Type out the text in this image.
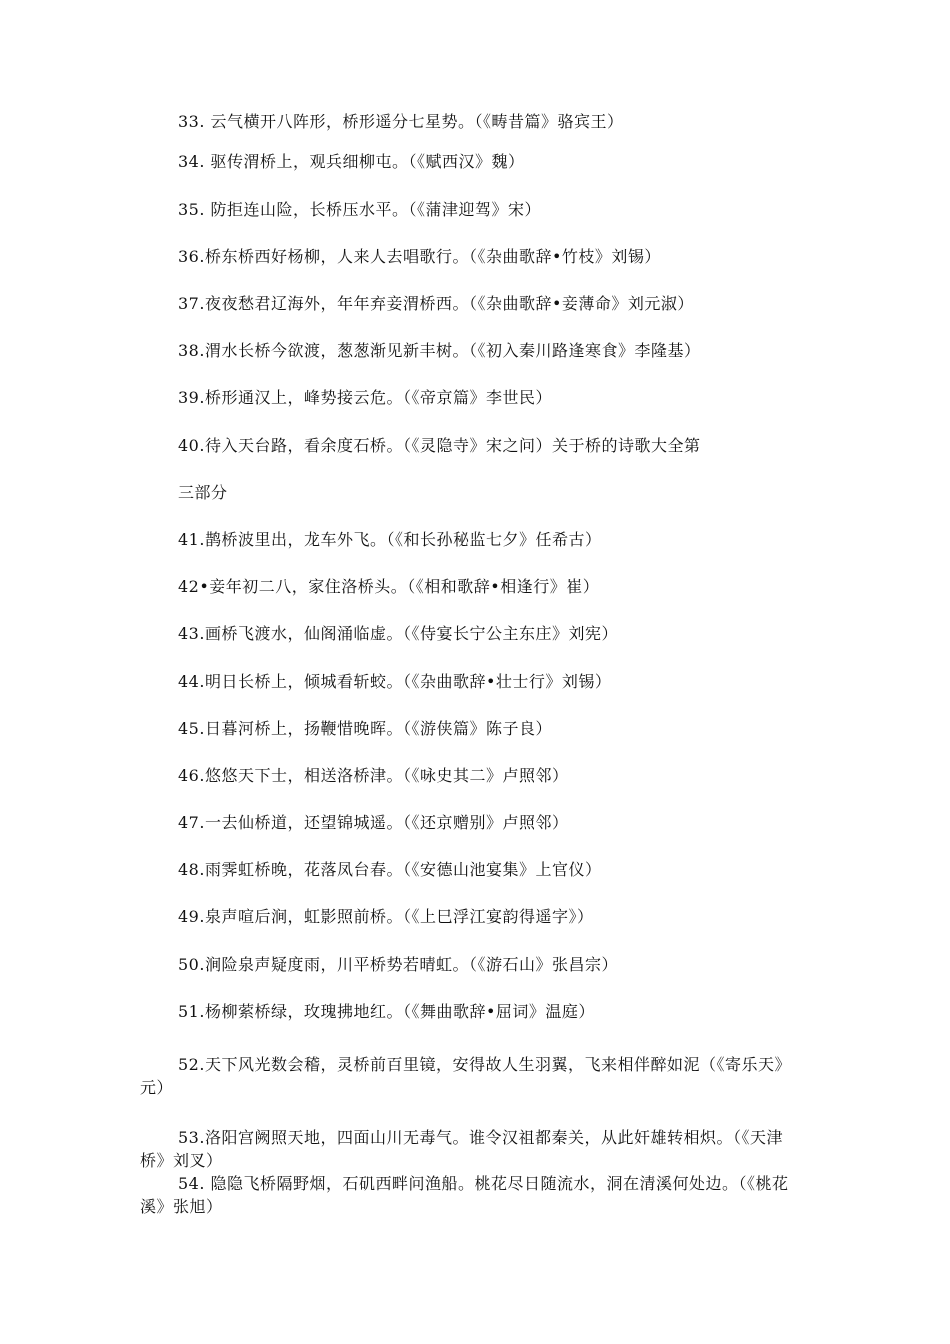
33. 云气横开八阵形，桥形遥分七星势。（《畴昔篇》骆宾王）
34. 驱传渭桥上，观兵细柳屯。（《赋西汉》魏）
35. 防拒连山险，长桥压水平。（《蒲津迎驾》宋）
36.桥东桥西好杨柳，人来人去唱歌行。（《杂曲歌辞•竹枝》刘锡）
37.夜夜愁君辽海外，年年弃妾渭桥西。（《杂曲歌辞•妾薄命》刘元淑）
38.渭水长桥今欲渡，葱葱渐见新丰树。（《初入秦川路逢寒食》李隆基）
39.桥形通汉上，峰势接云危。（《帝京篇》李世民）
40.待入天台路，看余度石桥。（《灵隐寺》宋之问）关于桥的诗歌大全第
三部分
41.鹊桥波里出，龙车外飞。（《和长孙秘监七夕》任希古）
42•妾年初二八，家住洛桥头。（《相和歌辞•相逢行》崔）
43.画桥飞渡水，仙阁涌临虚。（《侍宴长宁公主东庄》刘宪）
44.明日长桥上，倾城看斩蛟。（《杂曲歌辞•壮士行》刘锡）
45.日暮河桥上，扬鞭惜晚晖。（《游侠篇》陈子良）
46.悠悠天下士，相送洛桥津。（《咏史其二》卢照邻）
47.一去仙桥道，还望锦城遥。（《还京赠别》卢照邻）
48.雨霁虹桥晚，花落凤台春。（《安德山池宴集》上官仪）
49.泉声喧后涧，虹影照前桥。（《上巳浮江宴韵得遥字》）
50.涧险泉声疑度雨，川平桥势若晴虹。（《游石山》张昌宗）
51.杨柳萦桥绿，玫瑰拂地红。（《舞曲歌辞•屈词》温庭）
52.天下风光数会稽，灵桥前百里镜，安得故人生羽翼，飞来相伴醉如泥（《寄乐天》元）
53.洛阳宫阙照天地，四面山川无毒气。谁令汉祖都秦关，从此奸雄转相炽。（《天津桥》刘叉）
54. 隐隐飞桥隔野烟，石矶西畔问渔船。桃花尽日随流水，洞在清溪何处边。（《桃花溪》张旭）
